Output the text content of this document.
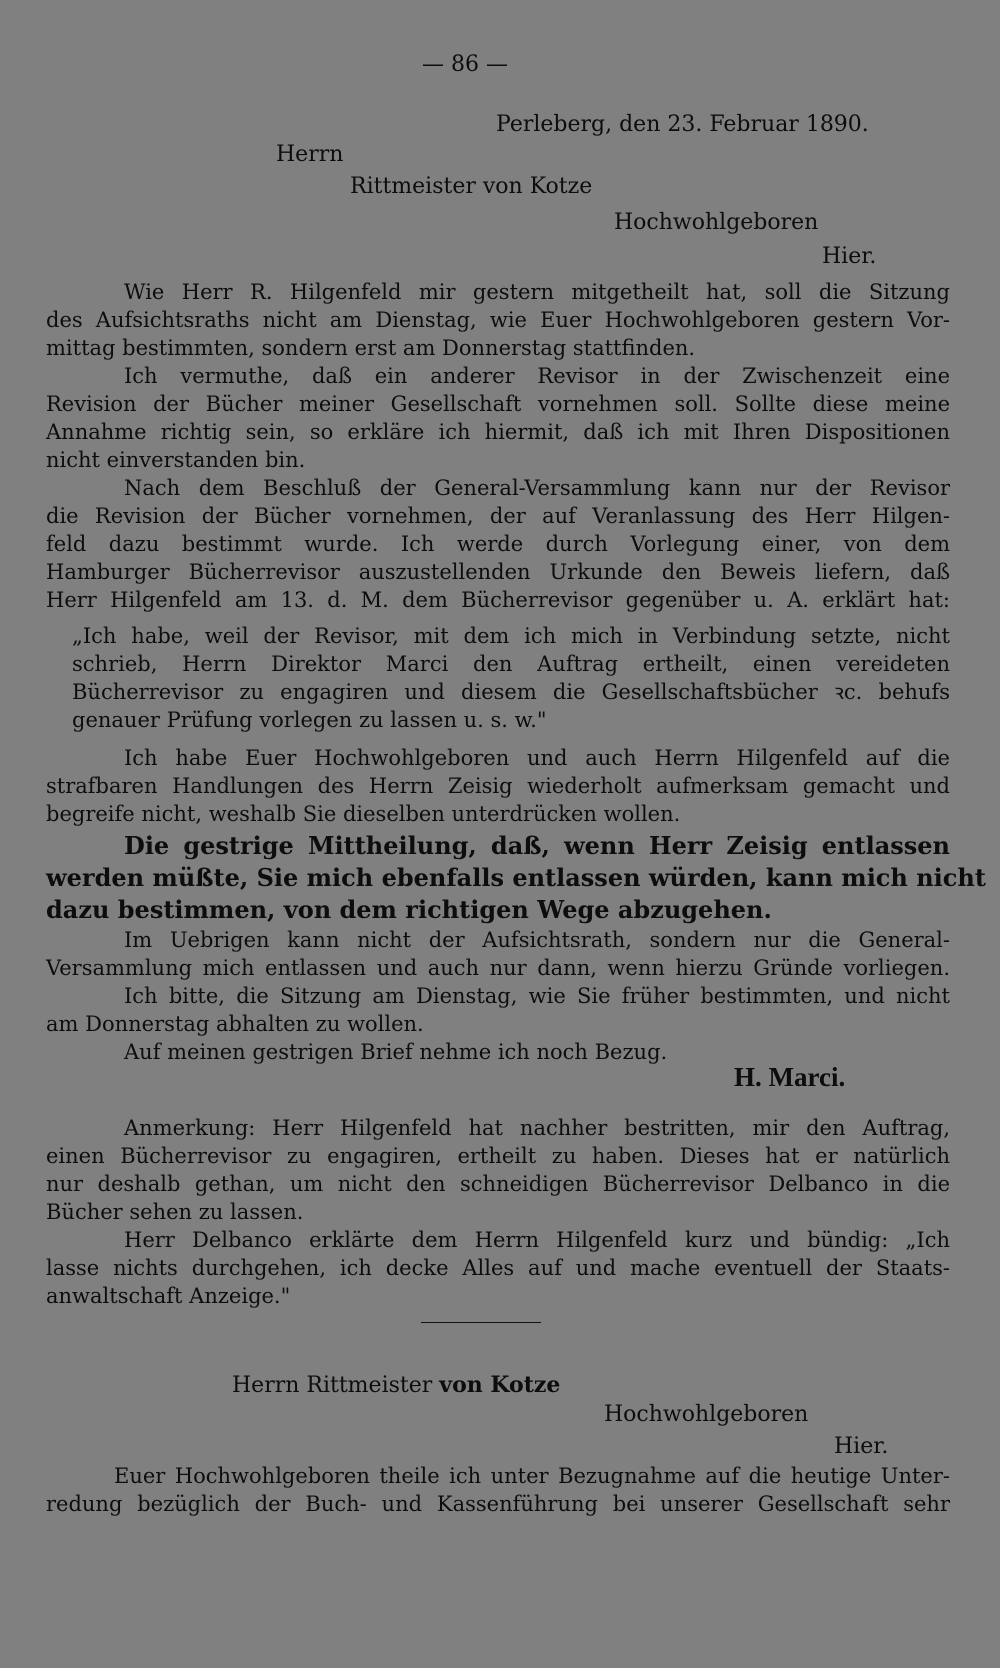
— 86 —
Perleberg, den 23. Februar 1890.
Herrn
Rittmeister von Kotze
Hochwohlgeboren
Hier.
Wie Herr R. Hilgenfeld mir gestern mitgetheilt hat, soll die Sitzung
des Aufsichtsraths nicht am Dienstag, wie Euer Hochwohlgeboren gestern Vor-
mittag bestimmten, sondern erst am Donnerstag stattfinden.
Ich vermuthe, daß ein anderer Revisor in der Zwischenzeit eine
Revision der Bücher meiner Gesellschaft vornehmen soll. Sollte diese meine
Annahme richtig sein, so erkläre ich hiermit, daß ich mit Ihren Dispositionen
nicht einverstanden bin.
Nach dem Beschluß der General-Versammlung kann nur der Revisor
die Revision der Bücher vornehmen, der auf Veranlassung des Herr Hilgen-
feld dazu bestimmt wurde. Ich werde durch Vorlegung einer, von dem
Hamburger Bücherrevisor auszustellenden Urkunde den Beweis liefern, daß
Herr Hilgenfeld am 13. d. M. dem Bücherrevisor gegenüber u. A. erklärt hat:
„Ich habe, weil der Revisor, mit dem ich mich in Verbindung setzte, nicht
schrieb, Herrn Direktor Marci den Auftrag ertheilt, einen vereideten
Bücherrevisor zu engagiren und diesem die Gesellschaftsbücher ꝛc. behufs
genauer Prüfung vorlegen zu lassen u. s. w."
Ich habe Euer Hochwohlgeboren und auch Herrn Hilgenfeld auf die
strafbaren Handlungen des Herrn Zeisig wiederholt aufmerksam gemacht und
begreife nicht, weshalb Sie dieselben unterdrücken wollen.
Die gestrige Mittheilung, daß, wenn Herr Zeisig entlassen
werden müßte, Sie mich ebenfalls entlassen würden, kann mich nicht
dazu bestimmen, von dem richtigen Wege abzugehen.
Im Uebrigen kann nicht der Aufsichtsrath, sondern nur die General-
Versammlung mich entlassen und auch nur dann, wenn hierzu Gründe vorliegen.
Ich bitte, die Sitzung am Dienstag, wie Sie früher bestimmten, und nicht
am Donnerstag abhalten zu wollen.
Auf meinen gestrigen Brief nehme ich noch Bezug.
H. Marci.
Anmerkung: Herr Hilgenfeld hat nachher bestritten, mir den Auftrag,
einen Bücherrevisor zu engagiren, ertheilt zu haben. Dieses hat er natürlich
nur deshalb gethan, um nicht den schneidigen Bücherrevisor Delbanco in die
Bücher sehen zu lassen.
Herr Delbanco erklärte dem Herrn Hilgenfeld kurz und bündig: „Ich
lasse nichts durchgehen, ich decke Alles auf und mache eventuell der Staats-
anwaltschaft Anzeige."
Herrn Rittmeister von Kotze
Hochwohlgeboren
Hier.
Euer Hochwohlgeboren theile ich unter Bezugnahme auf die heutige Unter-
redung bezüglich der Buch- und Kassenführung bei unserer Gesellschaft sehr
